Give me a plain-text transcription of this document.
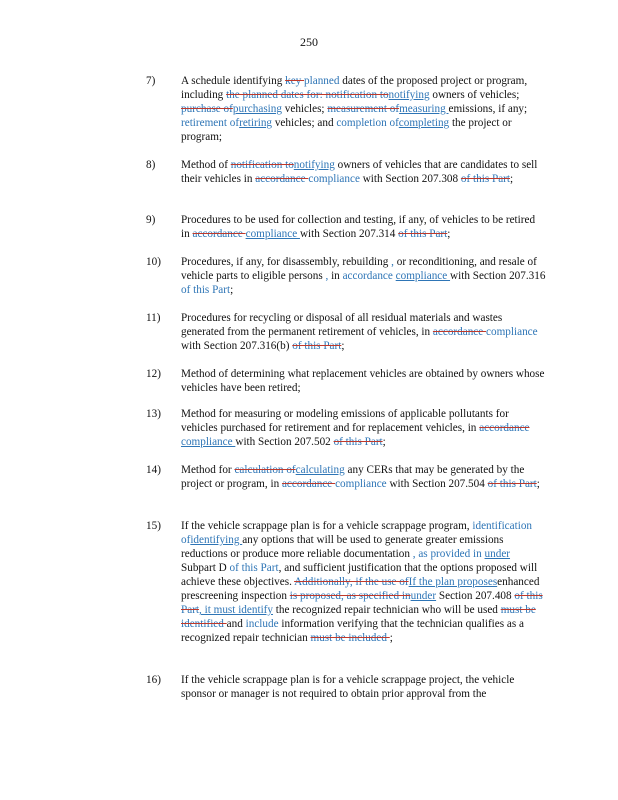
250
7)	A schedule identifying key planned dates of the proposed project or program, including the planned dates for: notification tonotifying owners of vehicles; purchase ofpurchasing vehicles; measurement ofmeasuring emissions, if any; retirement ofretiring vehicles; and completion ofcompleting the project or program;
8)	Method of notification tonotifying owners of vehicles that are candidates to sell their vehicles in accordance compliance with Section 207.308 of this Part;
9)	Procedures to be used for collection and testing, if any, of vehicles to be retired in accordance compliance with Section 207.314 of this Part;
10)	Procedures, if any, for disassembly, rebuilding , or reconditioning, and resale of vehicle parts to eligible persons , in accordance compliance with Section 207.316 of this Part;
11)	Procedures for recycling or disposal of all residual materials and wastes generated from the permanent retirement of vehicles, in accordance compliance with Section 207.316(b) of this Part;
12)	Method of determining what replacement vehicles are obtained by owners whose vehicles have been retired;
13)	Method for measuring or modeling emissions of applicable pollutants for vehicles purchased for retirement and for replacement vehicles, in accordance compliance with Section 207.502 of this Part;
14)	Method for calculation ofcalculating any CERs that may be generated by the project or program, in accordance compliance with Section 207.504 of this Part;
15)	If the vehicle scrappage plan is for a vehicle scrappage program, identification ofidentifying any options that will be used to generate greater emissions reductions or produce more reliable documentation , as provided in under Subpart D of this Part, and sufficient justification that the options proposed will achieve these objectives. Additionally, if the use ofIf the plan proposesenhanced prescreening inspection is proposed, as specified inunder Section 207.408 of this Part, it must identify the recognized repair technician who will be used must be identified and include information verifying that the technician qualifies as a recognized repair technician must be included ;
16)	If the vehicle scrappage plan is for a vehicle scrappage project, the vehicle sponsor or manager is not required to obtain prior approval from the
